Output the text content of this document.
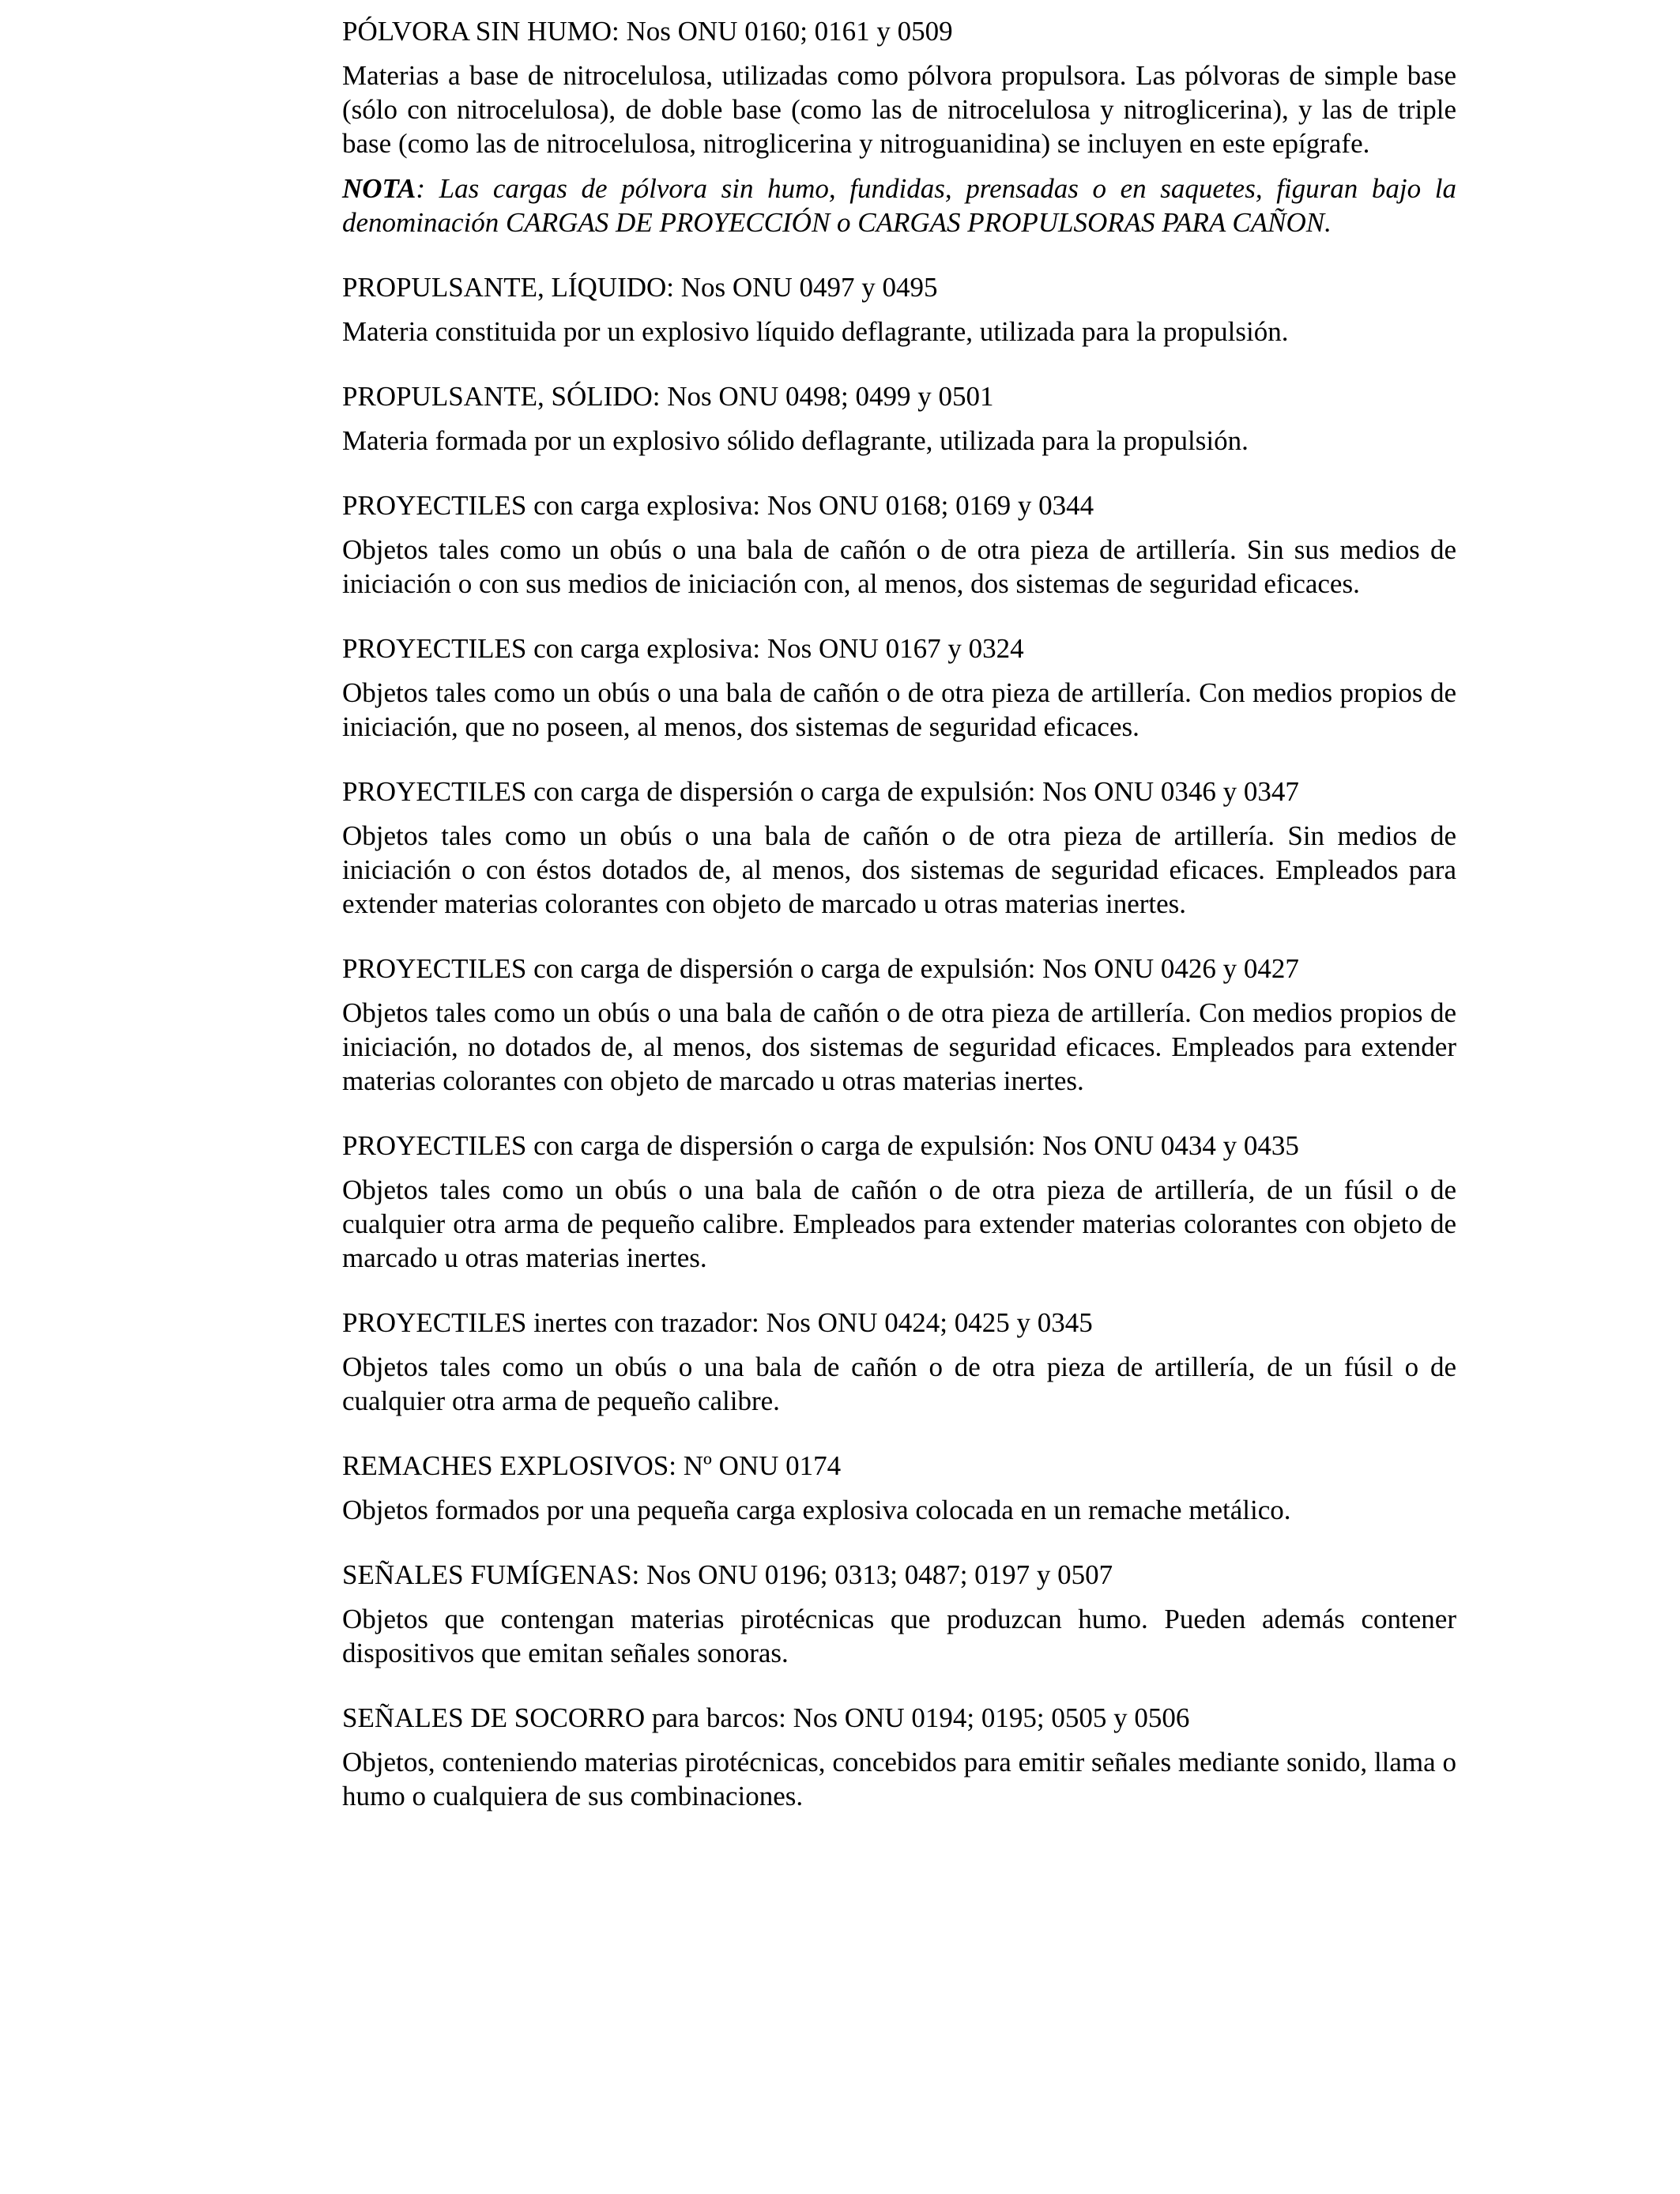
PÓLVORA SIN HUMO: Nos ONU 0160; 0161 y 0509

Materias a base de nitrocelulosa, utilizadas como pólvora propulsora. Las pólvoras de simple base (sólo con nitrocelulosa), de doble base (como las de nitrocelulosa y nitroglicerina), y las de triple base (como las de nitrocelulosa, nitroglicerina y nitroguanidina) se incluyen en este epígrafe.

NOTA: Las cargas de pólvora sin humo, fundidas, prensadas o en saquetes, figuran bajo la denominación CARGAS DE PROYECCIÓN o CARGAS PROPULSORAS PARA CAÑON.

PROPULSANTE, LÍQUIDO: Nos ONU 0497 y 0495

Materia constituida por un explosivo líquido deflagrante, utilizada para la propulsión.

PROPULSANTE, SÓLIDO: Nos ONU 0498; 0499 y 0501

Materia formada por un explosivo sólido deflagrante, utilizada para la propulsión.

PROYECTILES con carga explosiva: Nos ONU 0168; 0169 y 0344

Objetos tales como un obús o una bala de cañón o de otra pieza de artillería. Sin sus medios de iniciación o con sus medios de iniciación con, al menos, dos sistemas de seguridad eficaces.

PROYECTILES con carga explosiva: Nos ONU 0167 y 0324

Objetos tales como un obús o una bala de cañón o de otra pieza de artillería. Con medios propios de iniciación, que no poseen, al menos, dos sistemas de seguridad eficaces.

PROYECTILES con carga de dispersión o carga de expulsión: Nos ONU 0346 y 0347

Objetos tales como un obús o una bala de cañón o de otra pieza de artillería. Sin medios de iniciación o con éstos dotados de, al menos, dos sistemas de seguridad eficaces. Empleados para extender materias colorantes con objeto de marcado u otras materias inertes.

PROYECTILES con carga de dispersión o carga de expulsión: Nos ONU 0426 y 0427

Objetos tales como un obús o una bala de cañón o de otra pieza de artillería. Con medios propios de iniciación, no dotados de, al menos, dos sistemas de seguridad eficaces. Empleados para extender materias colorantes con objeto de marcado u otras materias inertes.

PROYECTILES con carga de dispersión o carga de expulsión: Nos ONU 0434 y 0435

Objetos tales como un obús o una bala de cañón o de otra pieza de artillería, de un fúsil o de cualquier otra arma de pequeño calibre. Empleados para extender materias colorantes con objeto de marcado u otras materias inertes.

PROYECTILES inertes con trazador: Nos ONU 0424; 0425 y 0345

Objetos tales como un obús o una bala de cañón o de otra pieza de artillería, de un fúsil o de cualquier otra arma de pequeño calibre.

REMACHES EXPLOSIVOS: Nº ONU 0174

Objetos formados por una pequeña carga explosiva colocada en un remache metálico.

SEÑALES FUMÍGENAS: Nos ONU 0196; 0313; 0487; 0197 y 0507

Objetos que contengan materias pirotécnicas que produzcan humo. Pueden además contener dispositivos que emitan señales sonoras.

SEÑALES DE SOCORRO para barcos: Nos ONU 0194; 0195; 0505 y 0506

Objetos, conteniendo materias pirotécnicas, concebidos para emitir señales mediante sonido, llama o humo o cualquiera de sus combinaciones.
